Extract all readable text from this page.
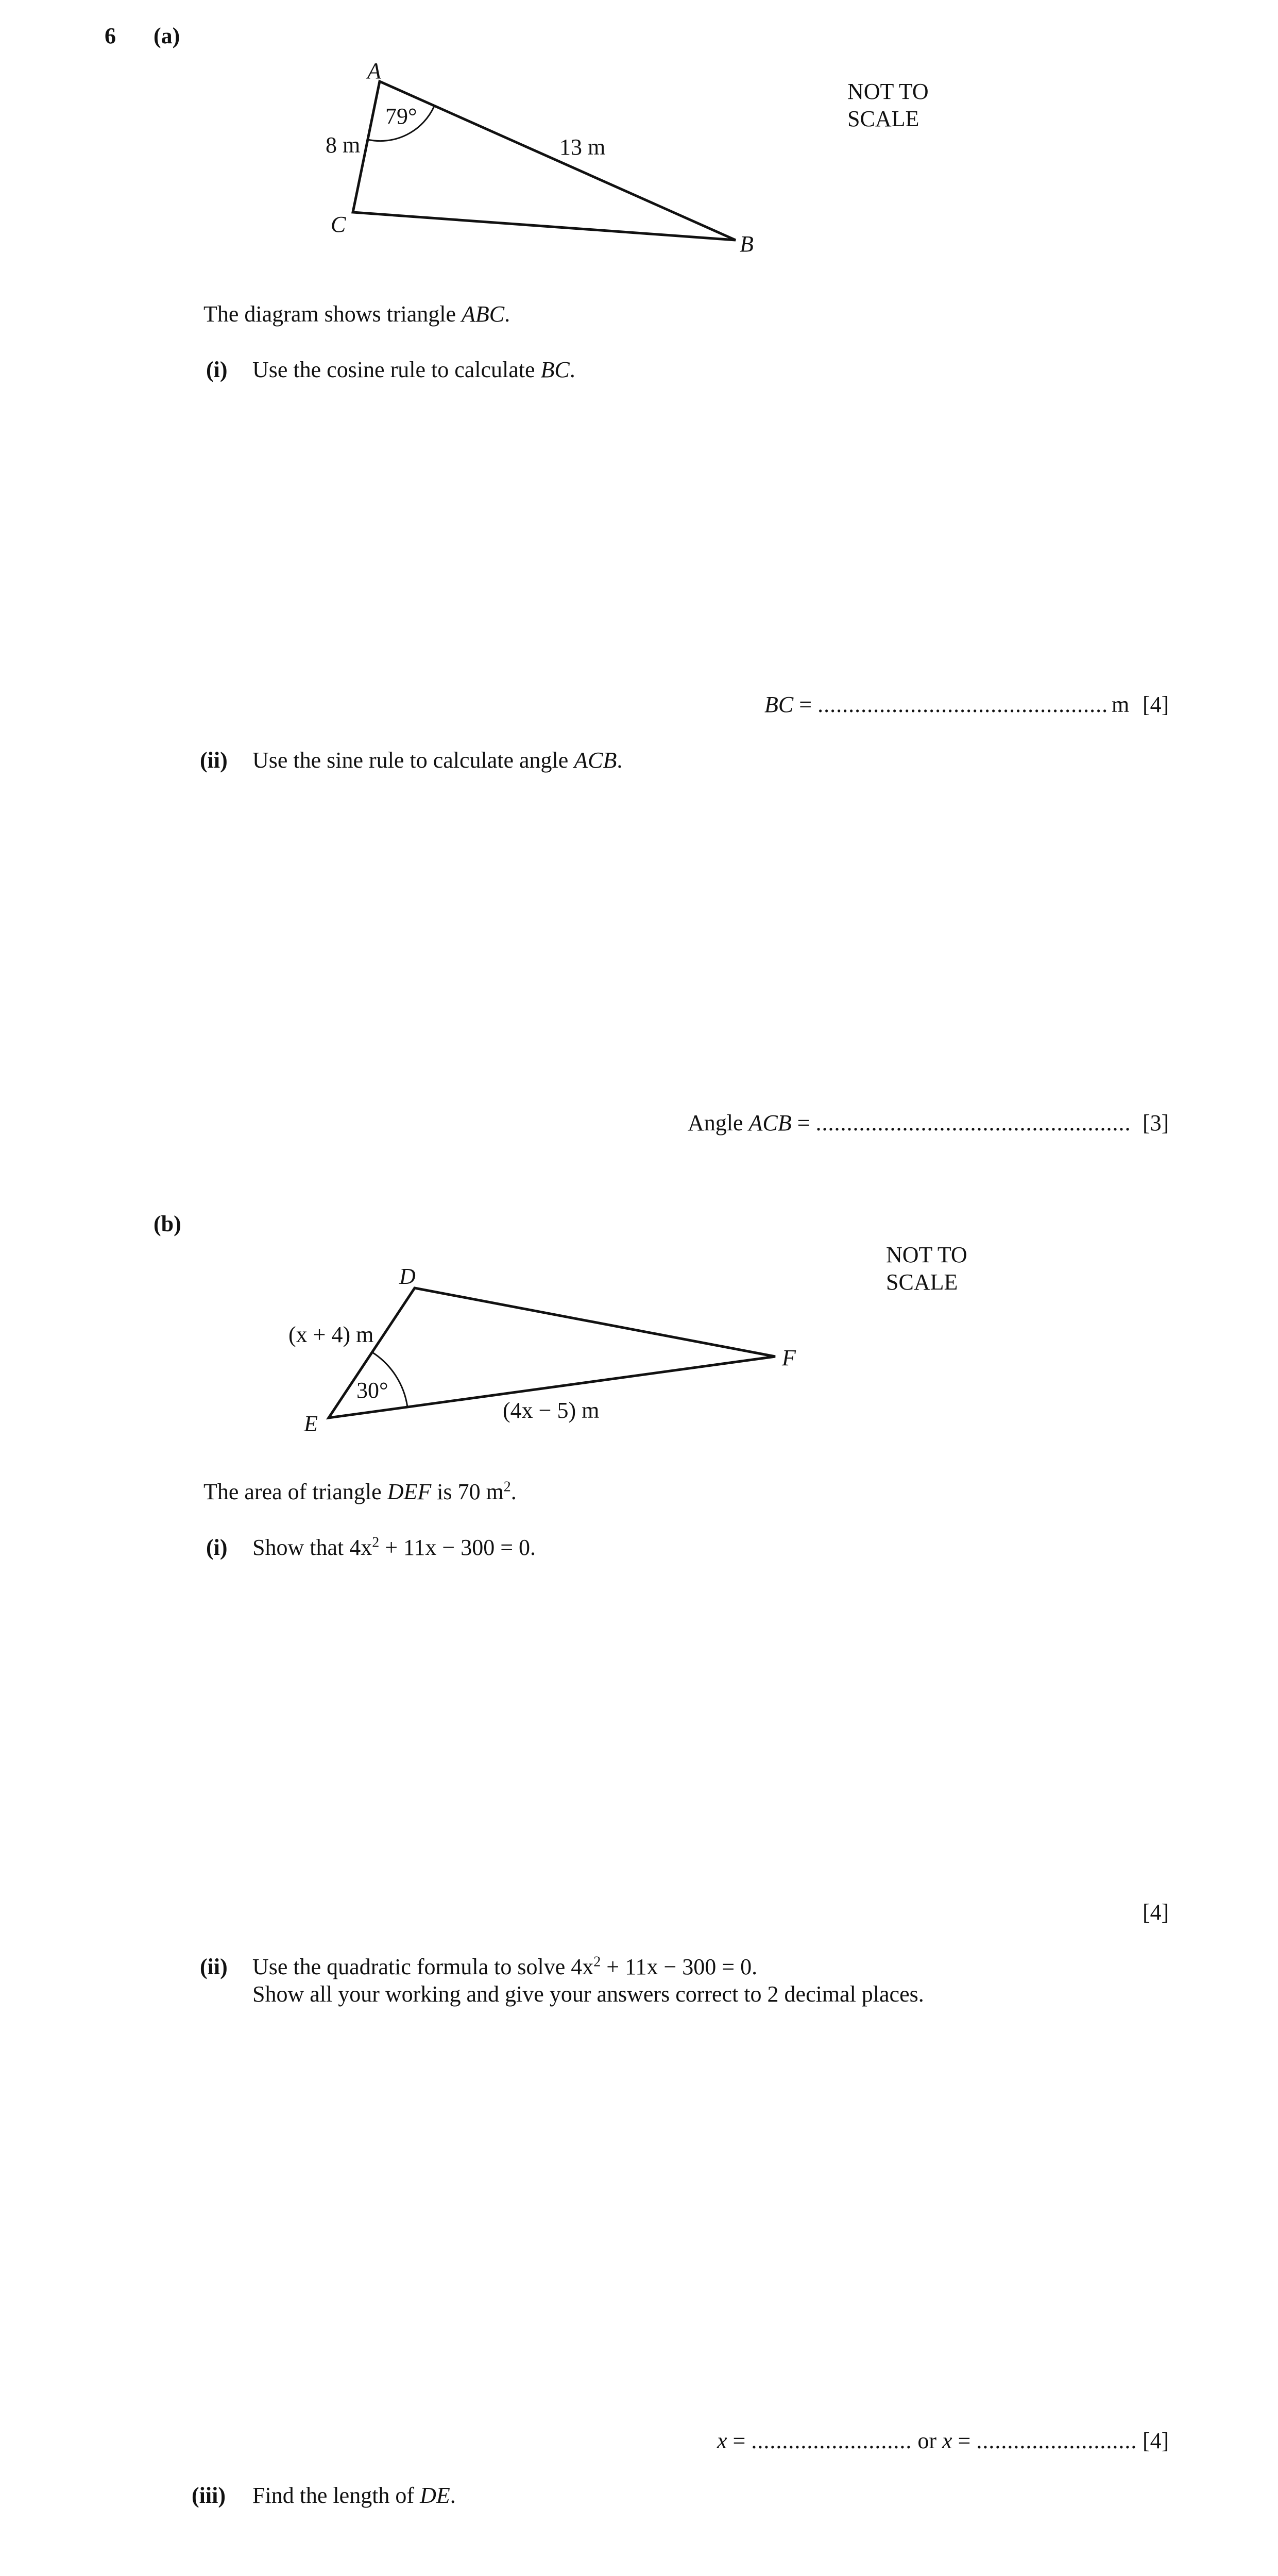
6 (a)
A
B
C
8 m	13 m
79°
NOT TO
SCALE
The diagram shows triangle ABC.
(i) Use the cosine rule to calculate BC.
BC = ............................................... m [4]
(ii) Use the sine rule to calculate angle ACB.
Angle ACB = ................................................... [3]
(b)
D
E
F
(x + 4) m
(4x − 5) m
30°
NOT TO
SCALE
The area of triangle DEF is 70 $m^2$.
(i) Show that $4x^2 + 11x - 300 = 0$.
[4]
(ii) Use the quadratic formula to solve $4x^2 + 11x - 300 = 0$.
Show all your working and give your answers correct to 2 decimal places.
x = .......................... or x = .......................... [4]
(iii) Find the length of DE.
